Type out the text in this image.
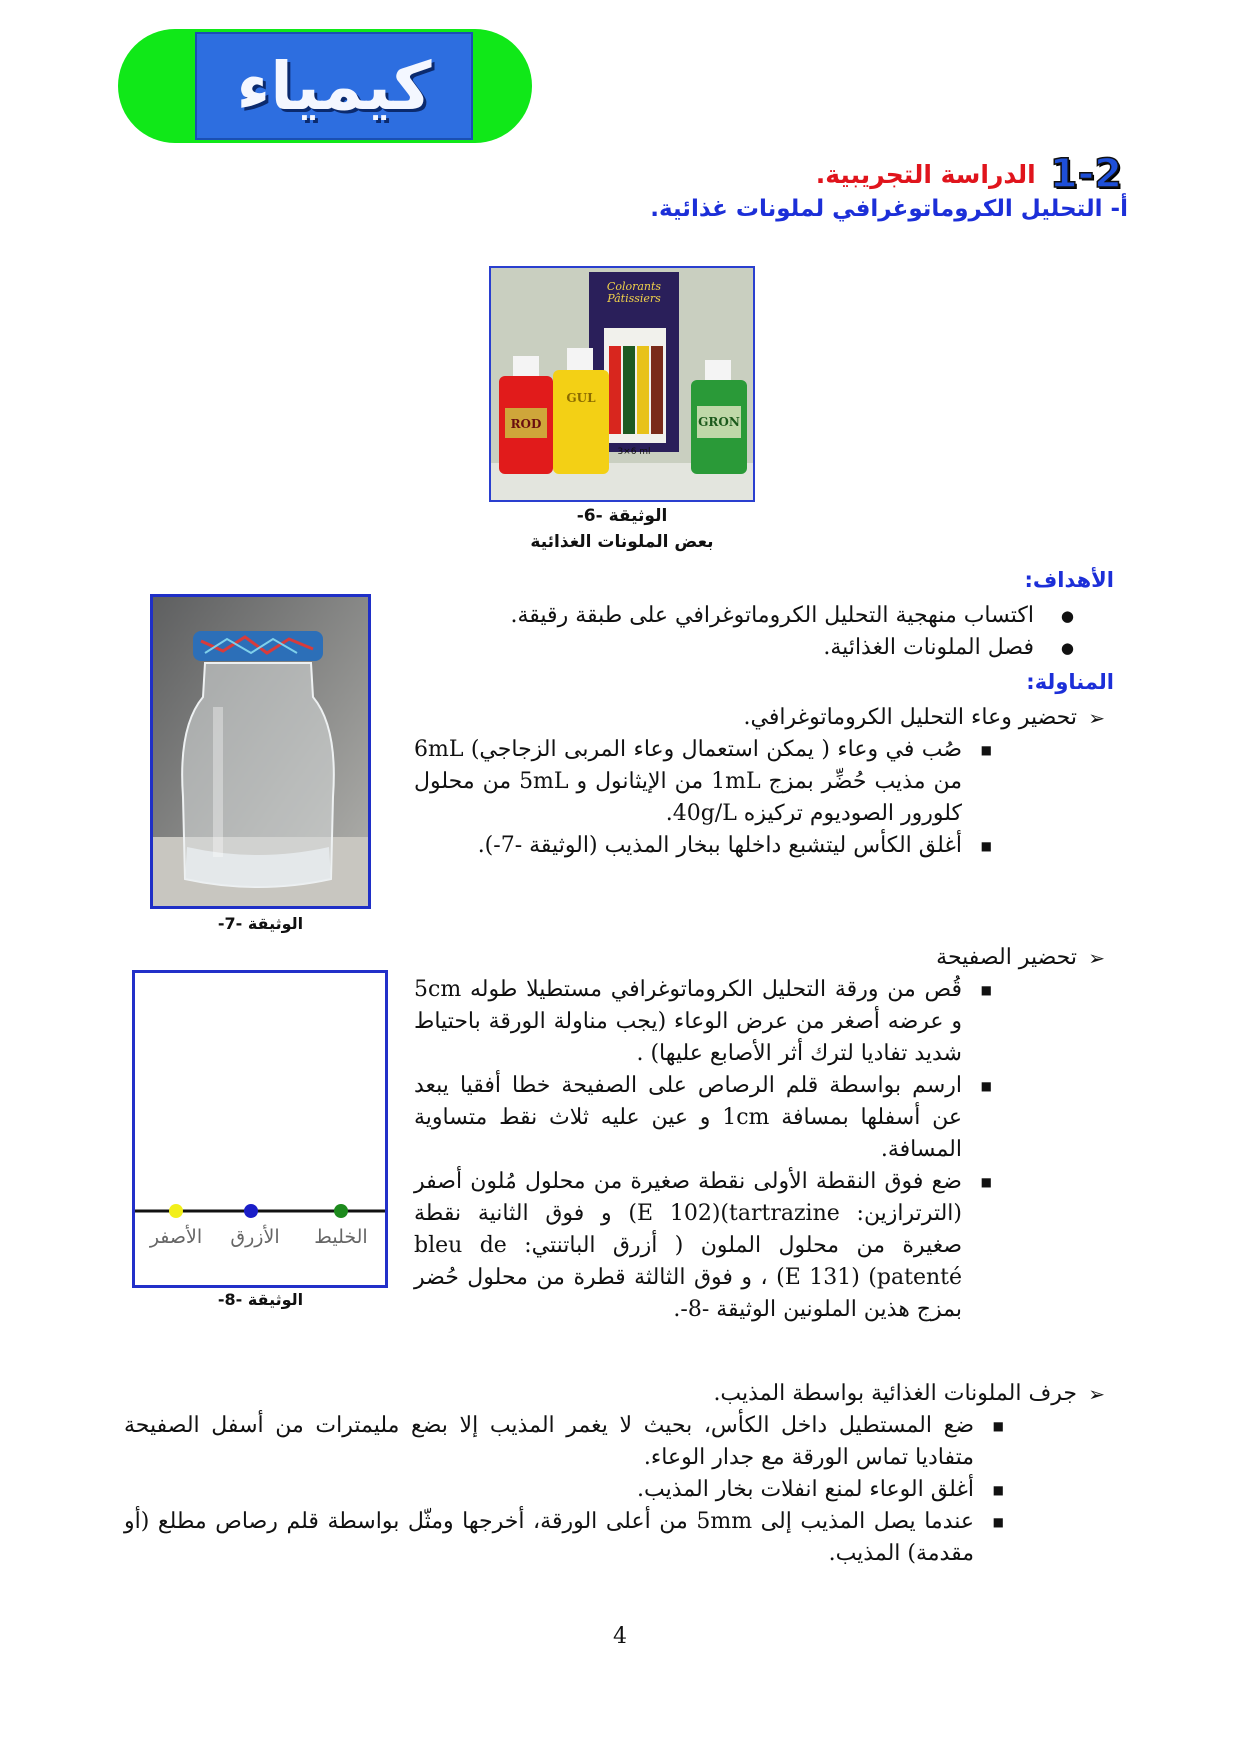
كيمياء
1-2
الدراسة التجريبية.
أ- التحليل الكروماتوغرافي لملونات غذائية.
Colorants
Pâtissiers
3×6 ml
ROD
GUL
GRON
الوثيقة -6-
بعض الملونات الغذائية
الأهداف:
● اكتساب منهجية التحليل الكروماتوغرافي على طبقة رقيقة.
● فصل الملونات الغذائية.
المناولة:
➢ تحضير وعاء التحليل الكروماتوغرافي.
■ صُب في وعاء ( يمكن استعمال وعاء المربى الزجاجي) 6mL من مذيب حُضِّر بمزج 1mL من الإيثانول و 5mL من محلول كلورور الصوديوم تركيزه 40g/L.
■ أغلق الكأس ليتشبع داخلها ببخار المذيب (الوثيقة -7-).
الوثيقة -7-
➢ تحضير الصفيحة
■ قُص من ورقة التحليل الكروماتوغرافي مستطيلا طوله 5cm و عرضه أصغر من عرض الوعاء (يجب مناولة الورقة باحتياط شديد تفاديا لترك أثر الأصابع عليها) .
■ ارسم بواسطة قلم الرصاص على الصفيحة خطا أفقيا يبعد عن أسفلها بمسافة 1cm و عين عليه ثلاث نقط متساوية المسافة.
■ ضع فوق النقطة الأولى نقطة صغيرة من محلول مُلون أصفر (الترترازين: tartrazine)(E 102) و فوق الثانية نقطة صغيرة من محلول الملون ( أزرق الباتنتي: bleu de patenté) (E 131) ، و فوق الثالثة قطرة من محلول حُضر بمزج هذين الملونين الوثيقة -8-.
الأصفر الأزرق الخليط
الوثيقة -8-
➢ جرف الملونات الغذائية بواسطة المذيب.
■ ضع المستطيل داخل الكأس، بحيث لا يغمر المذيب إلا بضع مليمترات من أسفل الصفيحة متفاديا تماس الورقة مع جدار الوعاء.
■ أغلق الوعاء لمنع انفلات بخار المذيب.
■ عندما يصل المذيب إلى 5mm من أعلى الورقة، أخرجها ومثّل بواسطة قلم رصاص مطلع (أو مقدمة) المذيب.
4
